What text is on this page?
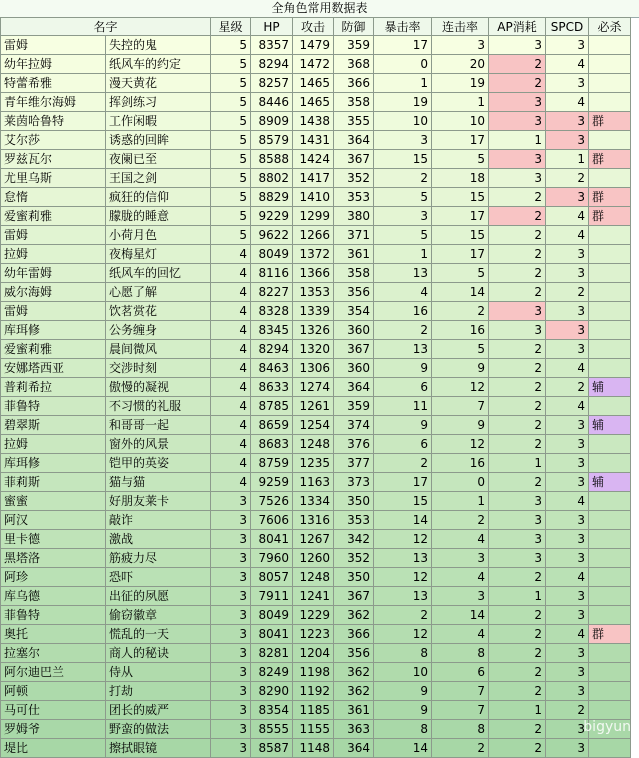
全角色常用数据表
名字		星级	HP	攻击	防御	暴击率	连击率	AP消耗	SPCD	必杀
雷姆	失控的鬼	5	8357	1479	359	17	3	3	3	
幼年拉姆	纸风车的约定	5	8294	1472	368	0	20	2	4	
特蕾希雅	漫天黄花	5	8257	1465	366	1	19	2	3	
青年维尔海姆	挥剑练习	5	8446	1465	358	19	1	3	4	
莱茵哈鲁特	工作闲暇	5	8909	1438	355	10	10	3	3	群
艾尔莎	诱惑的回眸	5	8579	1431	364	3	17	1	3	
罗兹瓦尔	夜阑已至	5	8588	1424	367	15	5	3	1	群
尤里乌斯	王国之剑	5	8802	1417	352	2	18	3	2	
怠惰	疯狂的信仰	5	8829	1410	353	5	15	2	3	群
爱蜜莉雅	朦胧的睡意	5	9229	1299	380	3	17	2	4	群
雷姆	小荷月色	5	9622	1266	371	5	15	2	4	
拉姆	夜梅星灯	4	8049	1372	361	1	17	2	3	
幼年雷姆	纸风车的回忆	4	8116	1366	358	13	5	2	3	
威尔海姆	心愿了解	4	8227	1353	356	4	14	2	2	
雷姆	饮茗赏花	4	8328	1339	354	16	2	3	3	
库珥修	公务缠身	4	8345	1326	360	2	16	3	3	
爱蜜莉雅	晨间微风	4	8294	1320	367	13	5	2	3	
安娜塔西亚	交涉时刻	4	8463	1306	360	9	9	2	4	
普莉希拉	傲慢的凝视	4	8633	1274	364	6	12	2	2	辅
菲鲁特	不习惯的礼服	4	8785	1261	359	11	7	2	4	
碧翠斯	和哥哥一起	4	8659	1254	374	9	9	2	3	辅
拉姆	窗外的风景	4	8683	1248	376	6	12	2	3	
库珥修	铠甲的英姿	4	8759	1235	377	2	16	1	3	
菲莉斯	猫与猫	4	9259	1163	373	17	0	2	3	辅
蜜蜜	好朋友莱卡	3	7526	1334	350	15	1	3	4	
阿汉	敲诈	3	7606	1316	353	14	2	3	3	
里卡德	激战	3	8041	1267	342	12	4	3	3	
黑塔洛	筋疲力尽	3	7960	1260	352	13	3	3	3	
阿珍	恐吓	3	8057	1248	350	12	4	2	4	
库乌德	出征的夙愿	3	7911	1241	367	13	3	1	3	
菲鲁特	偷窃徽章	3	8049	1229	362	2	14	2	3	
奥托	慌乱的一天	3	8041	1223	366	12	4	2	4	群
拉塞尔	商人的秘诀	3	8281	1204	356	8	8	2	3	
阿尔迪巴兰	侍从	3	8249	1198	362	10	6	2	3	
阿顿	打劫	3	8290	1192	362	9	7	2	3	
马可仕	团长的威严	3	8354	1185	361	9	7	1	2	
罗姆爷	野蛮的做法	3	8555	1155	363	8	8	2	3	
堤比	擦拭眼镜	3	8587	1148	364	14	2	2	3	
bigyun
